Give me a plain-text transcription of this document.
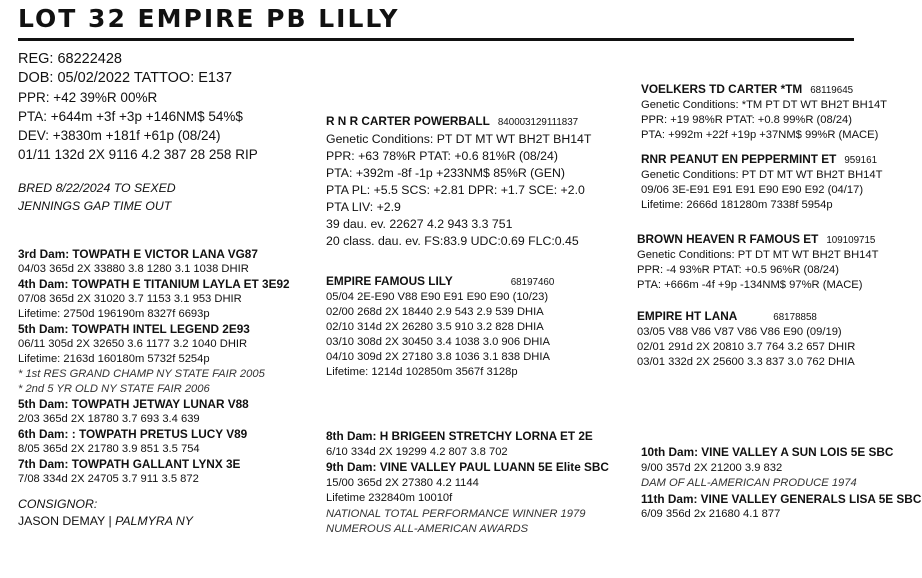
LOT 32 EMPIRE PB LILLY
REG: 68222428
DOB: 05/02/2022 TATTOO: E137
PPR: +42 39%R 00%R
PTA: +644m +3f +3p +146NM$ 54%$
DEV: +3830m +181f +61p (08/24)
01/11 132d 2X 9116 4.2 387 28 258 RIP
BRED 8/22/2024 TO SEXED
JENNINGS GAP TIME OUT
3rd Dam: TOWPATH E VICTOR LANA VG87
04/03 365d 2X 33880 3.8 1280 3.1 1038 DHIR
4th Dam: TOWPATH E TITANIUM LAYLA ET 3E92
07/08 365d 2X 31020 3.7 1153 3.1 953 DHIR
Lifetime: 2750d 196190m 8327f 6693p
5th Dam: TOWPATH INTEL LEGEND 2E93
06/11 305d 2X 32650 3.6 1177 3.2 1040 DHIR
Lifetime: 2163d 160180m 5732f 5254p
* 1st RES GRAND CHAMP NY STATE FAIR 2005
* 2nd 5 YR OLD NY STATE FAIR 2006
5th Dam: TOWPATH JETWAY LUNAR V88
2/03 365d 2X 18780 3.7 693 3.4 639
6th Dam: : TOWPATH PRETUS LUCY V89
8/05 365d 2X 21780 3.9 851 3.5 754
7th Dam: TOWPATH GALLANT LYNX 3E
7/08 334d 2X 24705 3.7 911 3.5 872
CONSIGNOR:
JASON DEMAY | PALMYRA NY
R N R CARTER POWERBALL 840003129111837
Genetic Conditions: PT DT MT WT BH2T BH14T
PPR: +63 78%R PTAT: +0.6 81%R (08/24)
PTA: +392m -8f -1p +233NM$ 85%R (GEN)
PTA PL: +5.5 SCS: +2.81 DPR: +1.7 SCE: +2.0
PTA LIV: +2.9
39 dau. ev. 22627 4.2 943 3.3 751
20 class. dau. ev. FS:83.9 UDC:0.69 FLC:0.45
EMPIRE FAMOUS LILY	68197460
05/04 2E-E90 V88 E90 E91 E90 E90 (10/23)
02/00 268d 2X 18440 2.9 543 2.9 539 DHIA
02/10 314d 2X 26280 3.5 910 3.2 828 DHIA
03/10 308d 2X 30450 3.4 1038 3.0 906 DHIA
04/10 309d 2X 27180 3.8 1036 3.1 838 DHIA
Lifetime: 1214d 102850m 3567f 3128p
8th Dam: H BRIGEEN STRETCHY LORNA ET 2E
6/10 334d 2X 19299 4.2 807 3.8 702
9th Dam: VINE VALLEY PAUL LUANN 5E Elite SBC
15/00 365d 2X 27380 4.2 1144
Lifetime 232840m 10010f
NATIONAL TOTAL PERFORMANCE WINNER 1979
NUMEROUS ALL-AMERICAN AWARDS
VOELKERS TD CARTER *TM 68119645
Genetic Conditions: *TM PT DT WT BH2T BH14T
PPR: +19 98%R PTAT: +0.8 99%R (08/24)
PTA: +992m +22f +19p +37NM$ 99%R (MACE)
RNR PEANUT EN PEPPERMINT ET 959161
Genetic Conditions: PT DT MT WT BH2T BH14T
09/06 3E-E91 E91 E91 E90 E90 E92 (04/17)
Lifetime: 2666d 181280m 7338f 5954p
BROWN HEAVEN R FAMOUS ET 109109715
Genetic Conditions: PT DT MT WT BH2T BH14T
PPR: -4 93%R PTAT: +0.5 96%R (08/24)
PTA: +666m -4f +9p -134NM$ 97%R (MACE)
EMPIRE HT LANA	68178858
03/05 V88 V86 V87 V86 V86 E90 (09/19)
02/01 291d 2X 20810 3.7 764 3.2 657 DHIR
03/01 332d 2X 25600 3.3 837 3.0 762 DHIA
10th Dam: VINE VALLEY A SUN LOIS 5E SBC
9/00 357d 2X 21200 3.9 832
DAM OF ALL-AMERICAN PRODUCE 1974
11th Dam: VINE VALLEY GENERALS LISA 5E SBC
6/09 356d 2x 21680 4.1 877
